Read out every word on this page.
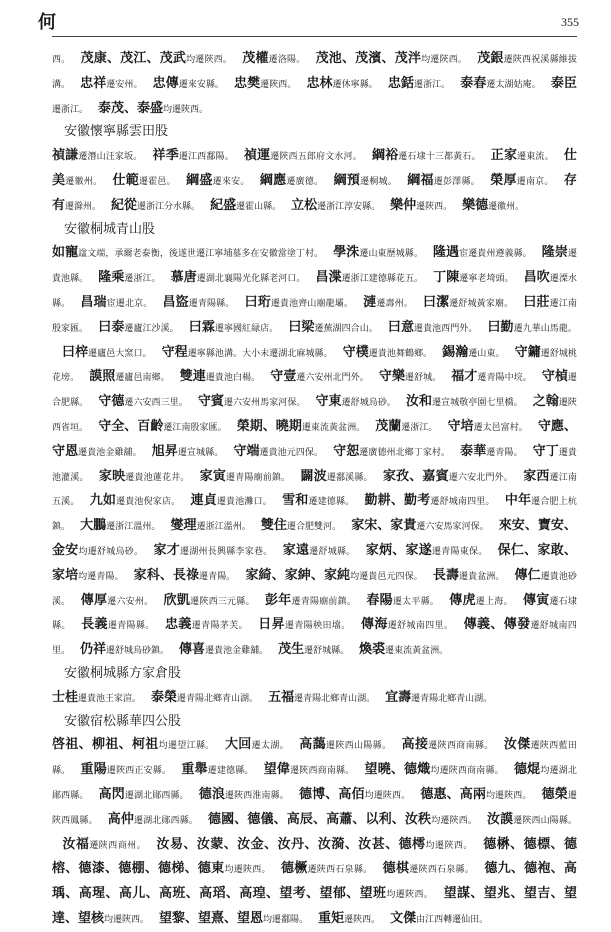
何	355

西。 茂康、茂江、茂武均遷陝西。 茂權遷洛陽。 茂池、茂濱、茂泮均遷陝西。 茂銀遷陝西祝溪縣維拔溝。 忠祥遷安州。 忠傳遷來安縣。 忠樊遷陝西。 忠林遷休寧縣。 忠銛遷浙江。 泰春遷太湖姑庵。 泰臣遷浙江。 泰茂、泰盛均遷陝西。

安徽懷寧縣雲田股

禎謙遷潛山汪家坂。 祥季遷江西鄱陽。 禎運遷陝西五郎府文水河。 綱裕遷石埭十三都黃石。 正家遷東流。 仕美遷徽州。 仕範遷霍邑。 綱盛遷來安。 綱應遷廣德。 綱預遷桐城。 綱福遷彭澤縣。 榮厚遷南京。 存有遷滁州。 紀從遷浙江分水縣。 紀盛遷霍山縣。 立松遷浙江淳安縣。 樂仲遷陝西。 樂德遷徽州。

安徽桐城青山股

如寵諡文端，承爾老泰衡，後遂世遷江寧埔墓多在安徽當塗丁村。 學洙遷山東歷城縣。 隆遇宦遷貴州遵義縣。 隆崇遷貴池縣。 隆乘遷浙江。 慕唐遷湖北襄陽光化縣老河口。 昌渫遷浙江建德縣花五。 丁陳遷寧老埼頭。 昌吹遷溧水縣。 昌瑞宦遷北京。 昌盜遷青陽縣。 曰珩遷貴池齊山廟龍壩。 漣遷壽州。 曰潔遷舒城黃家廟。 曰莊遷江南殷家匯。 曰泰遷廬江沙溪。 曰霖遷寧國紅緑店。 曰梁遷蕪湖四合山。 曰意遷貴池西門外。 曰勤遷九華山馬龍。曰梓遷廬邑大窯口。 守程遷寧縣池溝。大小末遷湖北麻城縣。 守樸遷貴池舞鶴鄉。 錫瀚遷山東。 守鏞遷舒城桃花塝。 謨照遷廬邑南鄉。 雙連遷貴池白楊。 守壹遷六安州北門外。 守樂遷舒城。 福才遷青陽中垸。 守楨遷合肥縣。 守德遷六安西三里。 守賓遷六安州馬家河保。 守東遷舒城烏砂。 汝和遷宣城敬亭園七里橋。 之翰遷陝西省垣。 守全、百齡遷江南殷家匯。 榮期、曉期遷東流黃盆洲。 茂蘭遷浙江。 守培遷太邑富村。 守應、守恩遷貴池金雞舖。 旭昇遷宣城縣。 守端遷貴池元四保。 守恕遷廣德州北鄉丁家村。 泰華遷青陽。 守丁遷貴池灌溪。 家映遷貴池蓮花井。 家寅遷青陽廟前鎮。 闢波遷鄱溪縣。 家孜、嘉賓遷六安北門外。 家西遷江南五溪。 九如遷貴池倪家店。 連貞遷貴池灘口。 雪和遷建德縣。 勤耕、勤考遷舒城南四里。 中年遷合肥上杭鎮。 大鵬遷浙江溫州。 燮理遷浙江溫州。 雙住遷合肥雙河。 家宋、家貴遷六安馬家河保。 來安、寶安、金安均遷舒城烏砂。 家才遷湖州長興縣李家巷。 家遠遷舒城縣。 家炳、家遂遷青陽東保。 保仁、家敢、家培均遷青陽。 家科、長祿遷青陽。 家綺、家紳、家純均遷貴邑元四保。 長壽遷貴盆洲。 傳仁遷貴池砂溪。 傳厚遷六安州。 欣凱遷陝西三元縣。 彭年遷青陽廟前鎮。 春陽遷太平縣。 傳虎遷上海。 傳寅遷石埭縣。 長義遷青陽縣。 忠義遷青陽茅芙。 日昇遷青陽秧田壋。 傳海遷舒城南四里。 傳義、傳發遷舒城南四里。 仍祥遷舒城烏砂鎮。 傳喜遷貴池金雞舖。 茂生遷舒城縣。 煥裘遷東流黃盆洲。

安徽桐城縣方家倉股

士桂遷貴池王家渲。 泰榮遷青陽北鄉青山湖。 五福遷青陽北鄉青山湖。 宜壽遷青陽北鄉青山湖。

安徽宿松縣華四公股

啓祖、柳祖、柯祖均遷望江縣。 大回遷太湖。 高藹遷陝西山陽縣。 高接遷陝西商南縣。 汝傑遷陝西藍田縣。 重陽遷陝西正安縣。 重舉遷建德縣。 望偉遷陝西商南縣。 望曉、德熾均遷陝西商南縣。 德焜均遷湖北鄖西縣。 高閃遷湖北鄖西縣。 德浪遷陝西淮南縣。 德博、高佰均遷陝西。 德惠、高兩均遷陝西。 德榮遷陝西鳳縣。 高仲遷湖北鄖西縣。 德國、德儀、高辰、高蕭、以利、汝秩均遷陝西。 汝謨遷陝西山陽縣。汝福遷陝西商州。 汝易、汝蒙、汝金、汝丹、汝漪、汝甚、德樗均遷陝西。 德楙、德標、德榕、德漆、德棚、德梯、德東均遷陝西。 德橛遷陝西石泉縣。 德棋遷陝西石泉縣。 德九、德袍、高瑀、高瑆、高儿、高班、高瑫、高瑝、望考、望郁、望班均遷陝西。 望謀、望兆、望吉、望達、望核均遷陝西。 望黎、望熹、望恩均遷鄱陽。 重矩遷陝西。 文傑由江西轉遷仙田。
